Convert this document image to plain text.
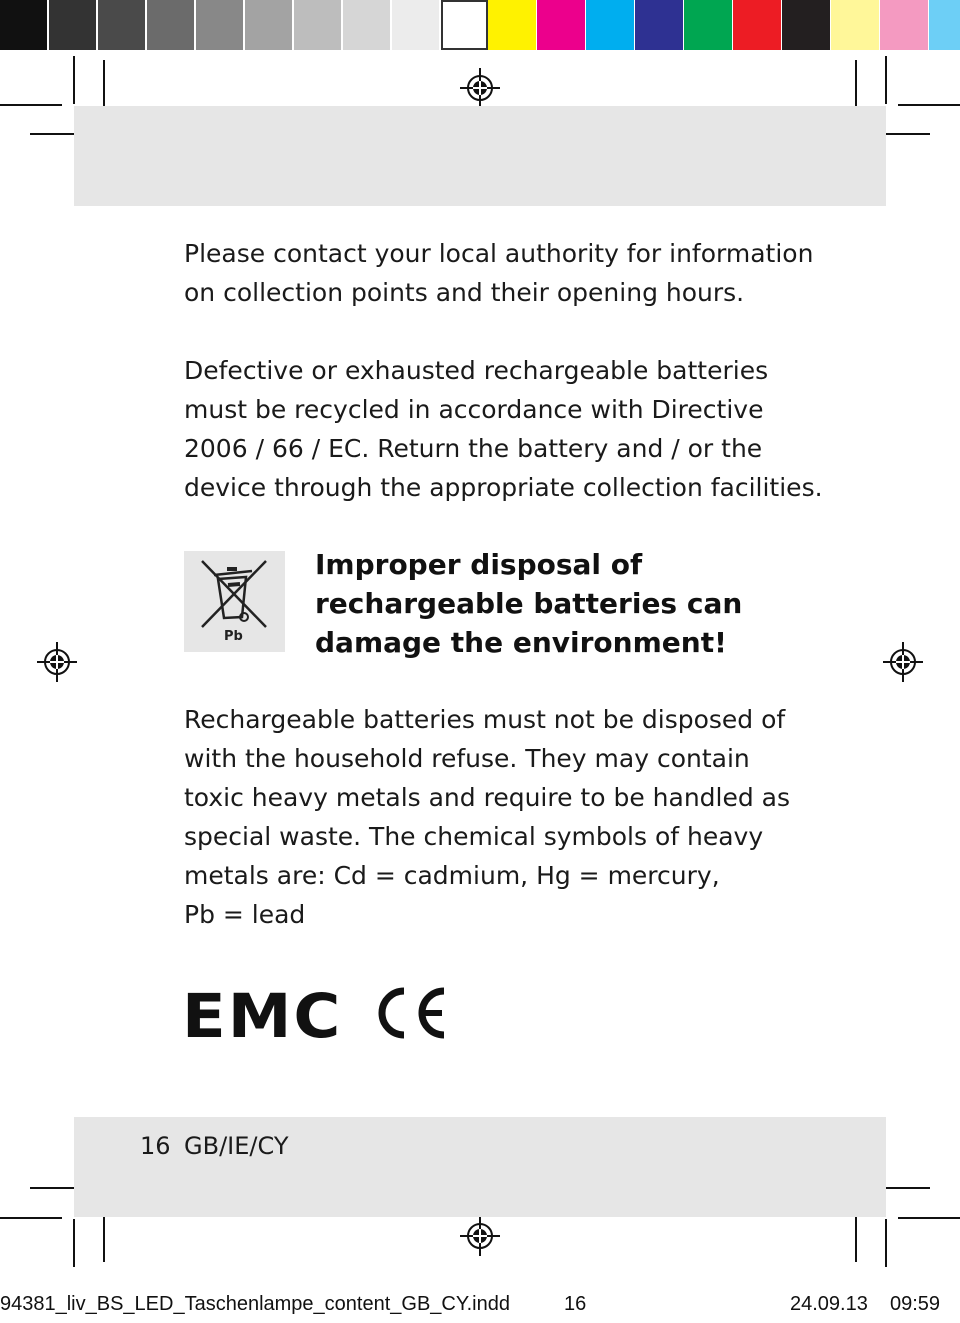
Please contact your local authority for information
on collection points and their opening hours.

Defective or exhausted rechargeable batteries
must be recycled in accordance with Directive
2006 / 66 / EC. Return the battery and / or the
device through the appropriate collection facilities.

Pb

Improper disposal of
rechargeable batteries can
damage the environment!

Rechargeable batteries must not be disposed of
with the household refuse. They may contain
toxic heavy metals and require to be handled as
special waste. The chemical symbols of heavy
metals are: Cd = cadmium, Hg = mercury,
Pb = lead

EMC
16 GB/IE/CY
94381_liv_BS_LED_Taschenlampe_content_GB_CY.indd	16	24.09.13 09:59
